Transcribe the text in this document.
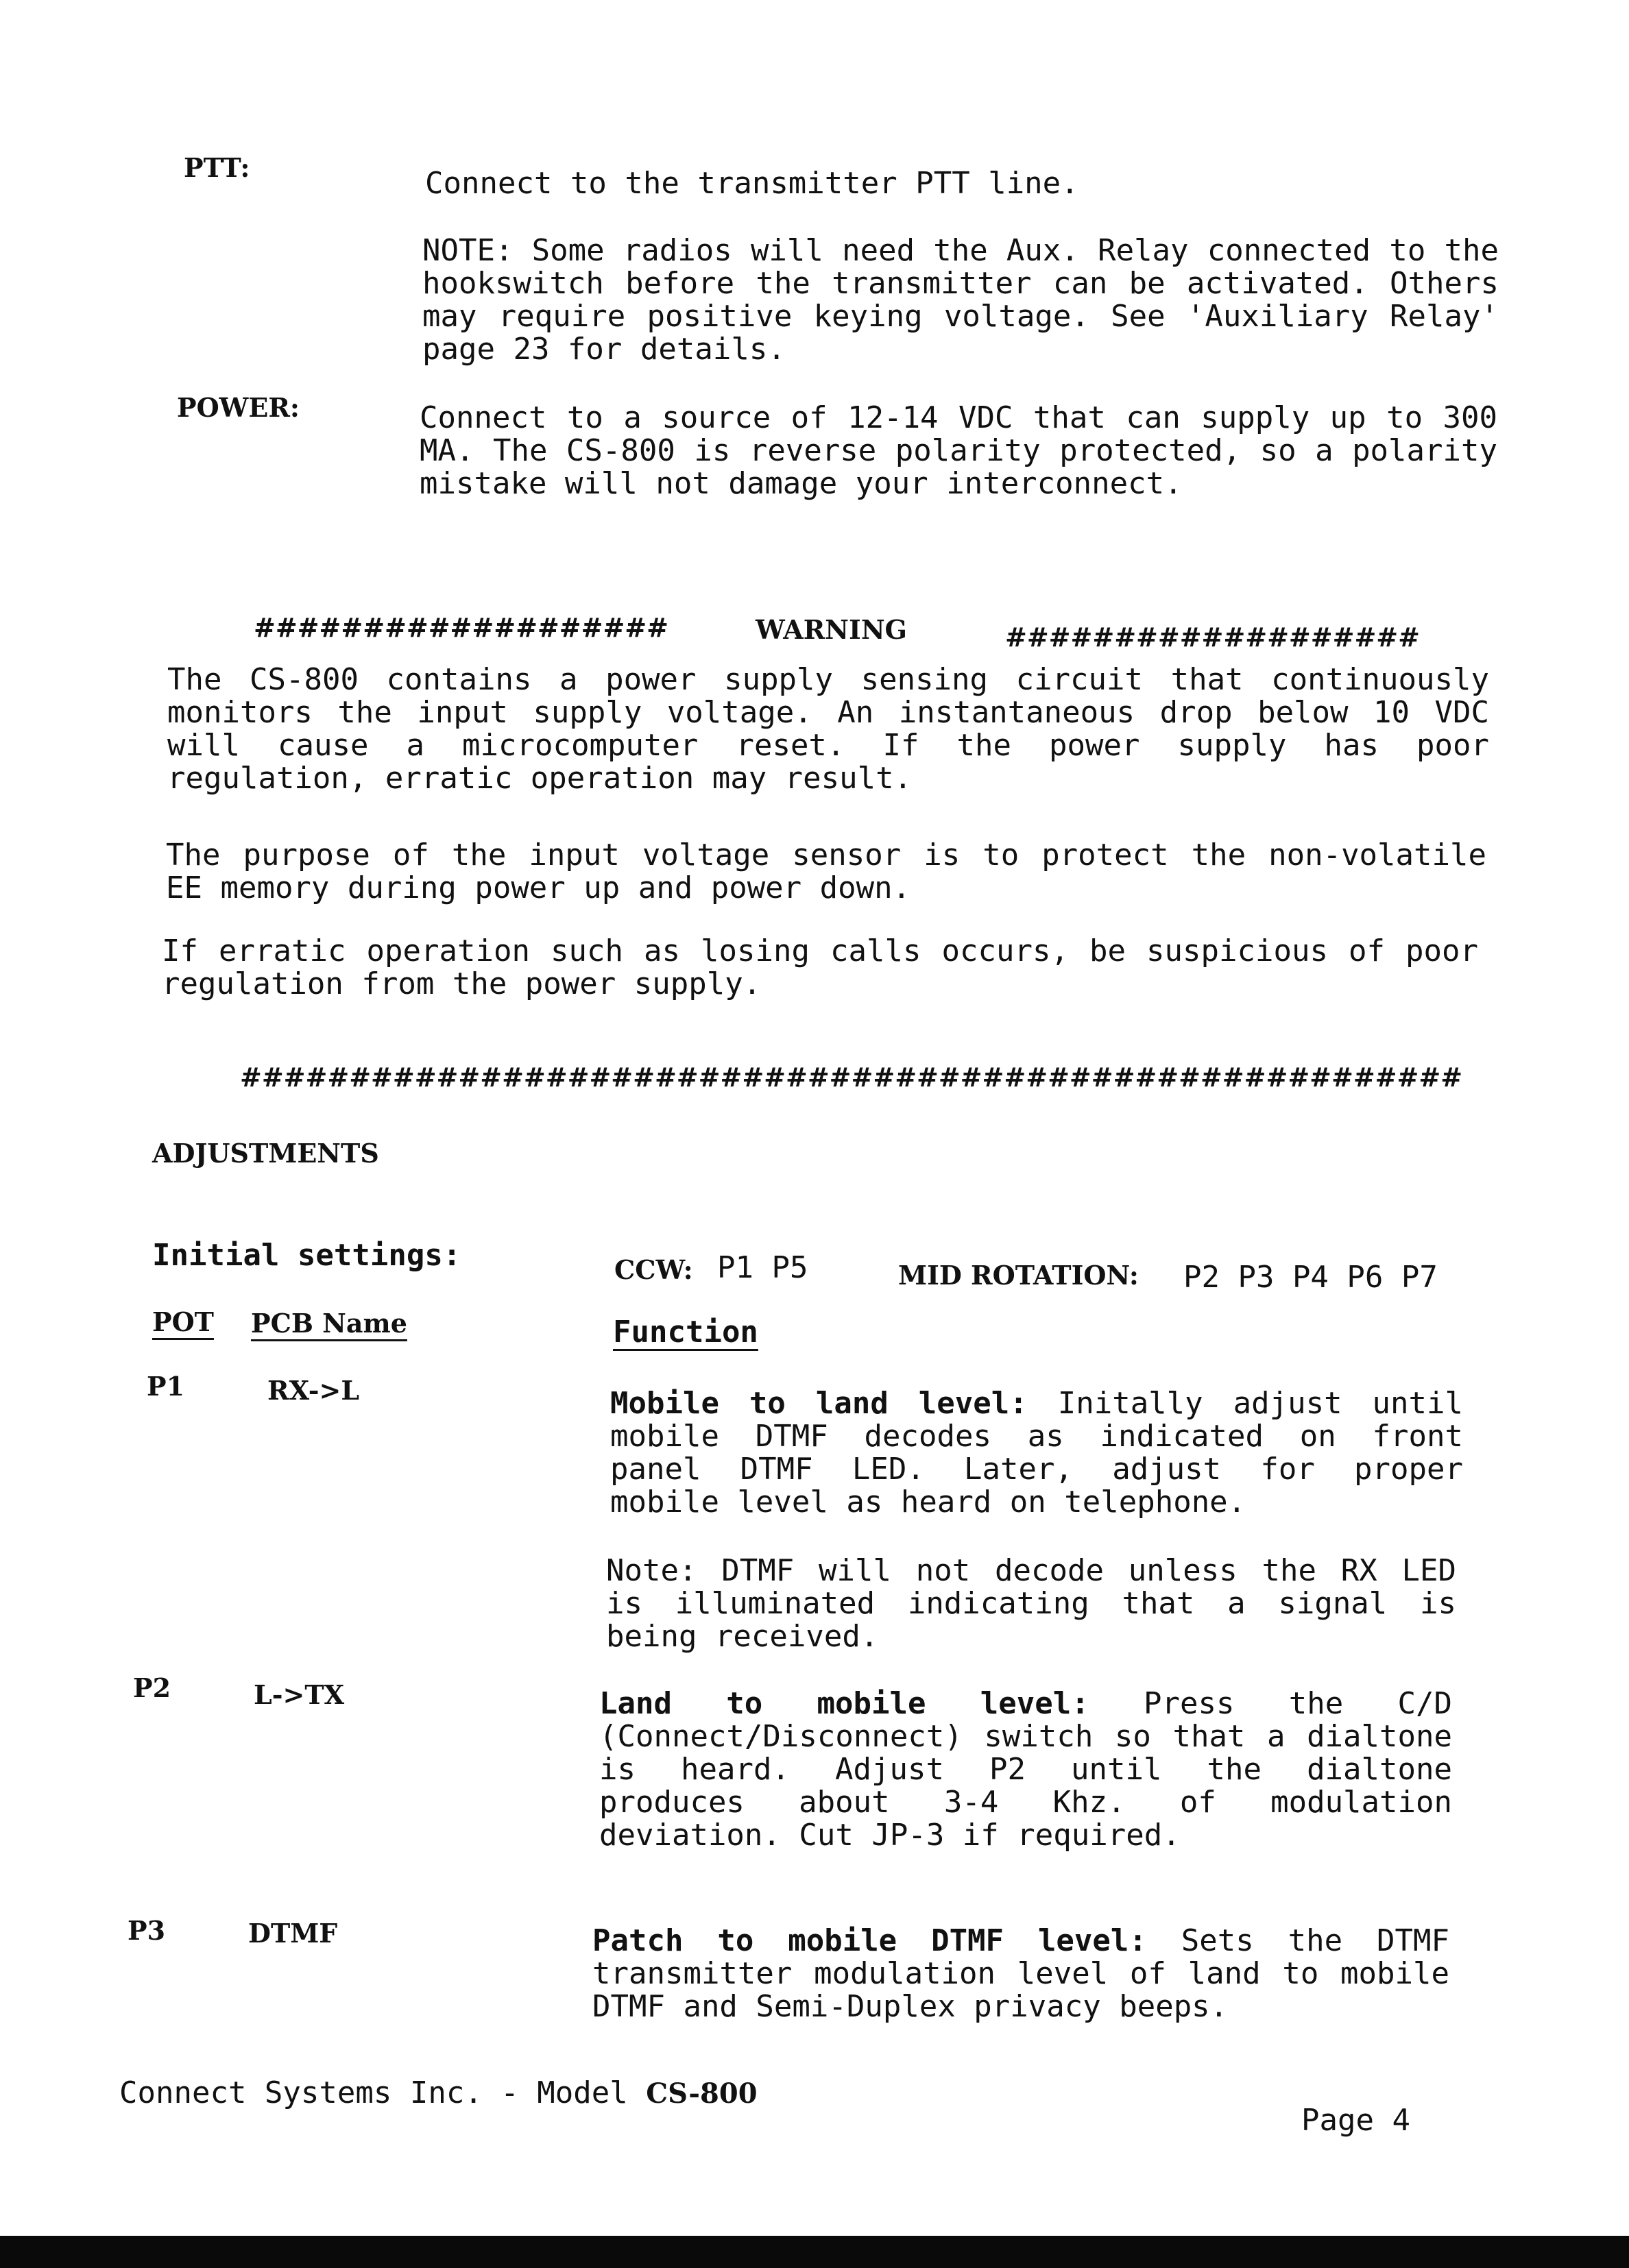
PTT:	Connect to the transmitter PTT line.
NOTE: Some radios will need the Aux. Relay connected to the hookswitch before the transmitter can be activated. Others may require positive keying voltage. See 'Auxiliary Relay' page 23 for details.
POWER:	Connect to a source of 12-14 VDC that can supply up to 300 MA. The CS-800 is reverse polarity protected, so a polarity mistake will not damage your interconnect.
###################	WARNING	###################
The CS-800 contains a power supply sensing circuit that continuously monitors the input supply voltage. An instantaneous drop below 10 VDC will cause a microcomputer reset. If the power supply has poor regulation, erratic operation may result.
The purpose of the input voltage sensor is to protect the non-volatile EE memory during power up and power down.
If erratic operation such as losing calls occurs, be suspicious of poor regulation from the power supply.
########################################################
ADJUSTMENTS
Initial settings:	CCW: P1 P5	MID ROTATION: P2 P3 P4 P6 P7
POT PCB Name	Function
P1	RX->L	Mobile to land level: Initally adjust until mobile DTMF decodes as indicated on front panel DTMF LED. Later, adjust for proper mobile level as heard on telephone.
Note: DTMF will not decode unless the RX LED is illuminated indicating that a signal is being received.
P2	L->TX	Land to mobile level: Press the C/D (Connect/Disconnect) switch so that a dialtone is heard. Adjust P2 until the dialtone produces about 3-4 Khz. of modulation deviation. Cut JP-3 if required.
P3	DTMF	Patch to mobile DTMF level: Sets the DTMF transmitter modulation level of land to mobile DTMF and Semi-Duplex privacy beeps.
Connect Systems Inc. - Model CS-800
Page 4
